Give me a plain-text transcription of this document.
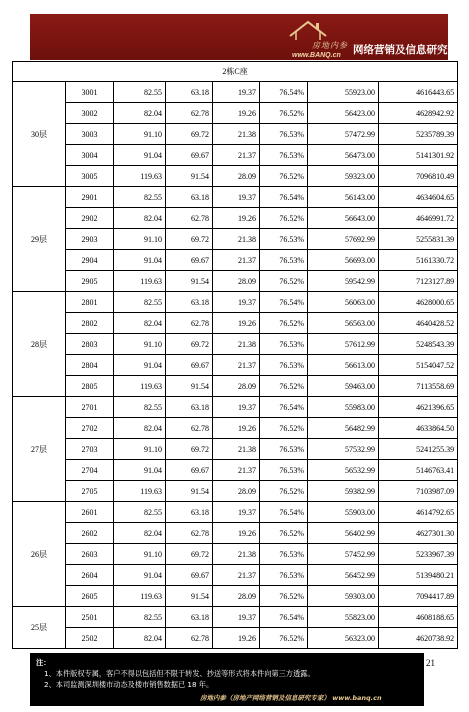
房地内参
www.BANQ.cn 网络营销及信息研究专家
2栋C座							
30层	3001	82.55	63.18	19.37	76.54%	55923.00	4616443.65
	3002	82.04	62.78	19.26	76.52%	56423.00	4628942.92
	3003	91.10	69.72	21.38	76.53%	57472.99	5235789.39
	3004	91.04	69.67	21.37	76.53%	56473.00	5141301.92
	3005	119.63	91.54	28.09	76.52%	59323.00	7096810.49
29层	2901	82.55	63.18	19.37	76.54%	56143.00	4634604.65
	2902	82.04	62.78	19.26	76.52%	56643.00	4646991.72
	2903	91.10	69.72	21.38	76.53%	57692.99	5255831.39
	2904	91.04	69.67	21.37	76.53%	56693.00	5161330.72
	2905	119.63	91.54	28.09	76.52%	59542.99	7123127.89
28层	2801	82.55	63.18	19.37	76.54%	56063.00	4628000.65
	2802	82.04	62.78	19.26	76.52%	56563.00	4640428.52
	2803	91.10	69.72	21.38	76.53%	57612.99	5248543.39
	2804	91.04	69.67	21.37	76.53%	56613.00	5154047.52
	2805	119.63	91.54	28.09	76.52%	59463.00	7113558.69
27层	2701	82.55	63.18	19.37	76.54%	55983.00	4621396.65
	2702	82.04	62.78	19.26	76.52%	56482.99	4633864.50
	2703	91.10	69.72	21.38	76.53%	57532.99	5241255.39
	2704	91.04	69.67	21.37	76.53%	56532.99	5146763.41
	2705	119.63	91.54	28.09	76.52%	59382.99	7103987.09
26层	2601	82.55	63.18	19.37	76.54%	55903.00	4614792.65
	2602	82.04	62.78	19.26	76.52%	56402.99	4627301.30
	2603	91.10	69.72	21.38	76.53%	57452.99	5233967.39
	2604	91.04	69.67	21.37	76.53%	56452.99	5139480.21
	2605	119.63	91.54	28.09	76.52%	59303.00	7094417.89
25层	2501	82.55	63.18	19.37	76.54%	55823.00	4608188.65
	2502	82.04	62.78	19.26	76.52%	56323.00	4620738.92
注：
1、本件版权专属，客户不得以包括但不限于转发、抄送等形式将本件向第三方透露。
2、本司监测深圳楼市动态及楼市销售数据已 18 年。
房地内参（房地产网络营销及信息研究专家） www.banq.cn
21
